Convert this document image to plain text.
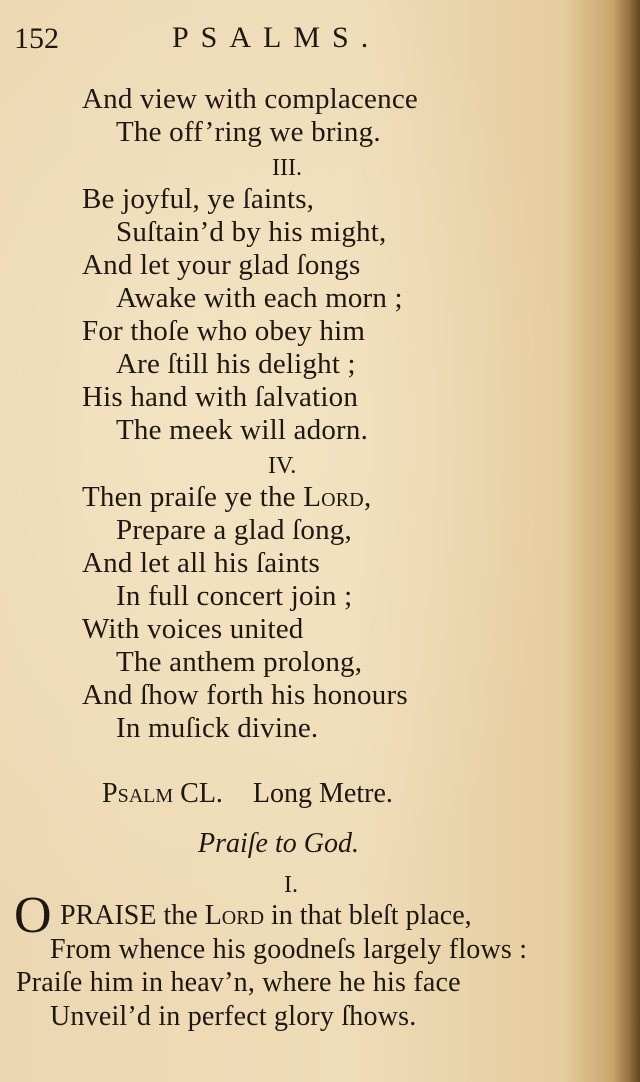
152	PSALMS.
And view with complacence
The off’ring we bring.
III.
Be joyful, ye ſaints,
Suſtain’d by his might,
And let your glad ſongs
Awake with each morn ;
For thoſe who obey him
Are ſtill his delight ;
His hand with ſalvation
The meek will adorn.
IV.
Then praiſe ye the Lord,
Prepare a glad ſong,
And let all his ſaints
In full concert join ;
With voices united
The anthem prolong,
And ſhow forth his honours
In muſick divine.
Psalm CL. Long Metre.
Praiſe to God.
I.
O PRAISE the Lord in that bleſt place,
From whence his goodneſs largely flows :
Praiſe him in heav’n, where he his face
Unveil’d in perfect glory ſhows.
